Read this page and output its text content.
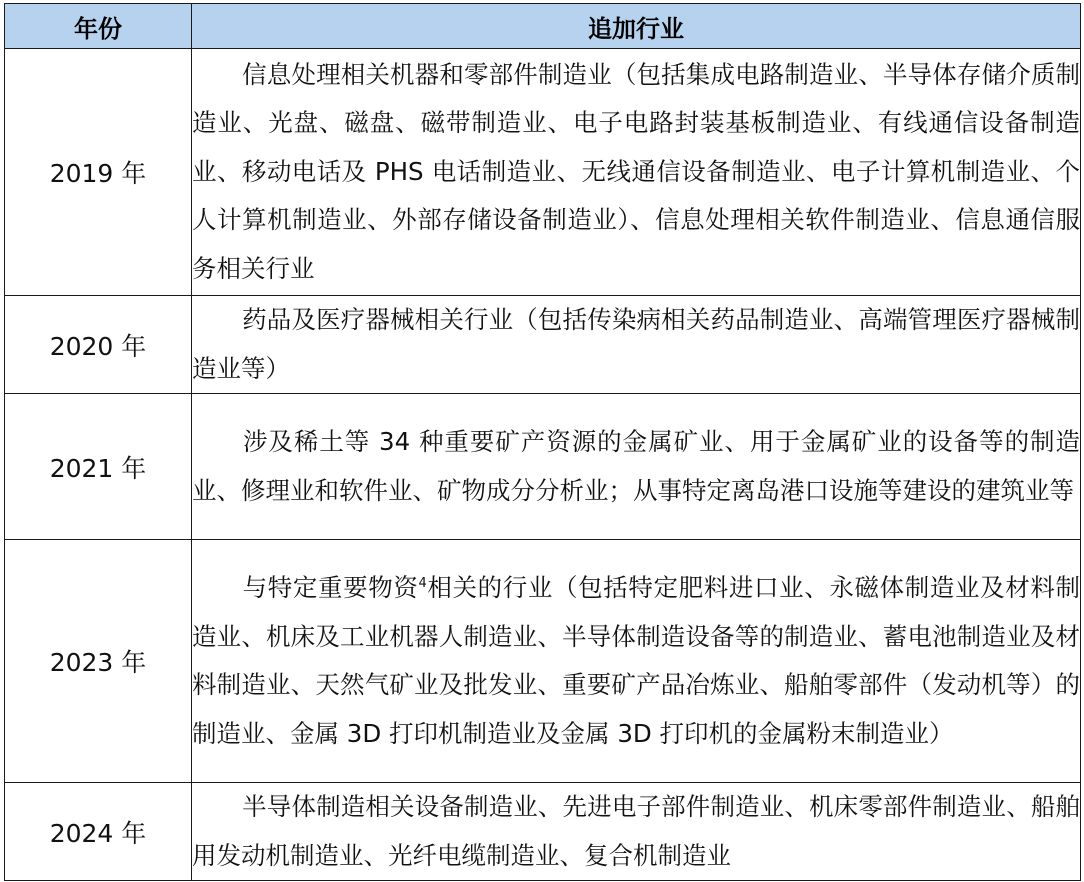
年份	追加行业
2019 年	信息处理相关机器和零部件制造业（包括集成电路制造业、半导体存储介质制造业、光盘、磁盘、磁带制造业、电子电路封装基板制造业、有线通信设备制造业、移动电话及 PHS 电话制造业、无线通信设备制造业、电子计算机制造业、个人计算机制造业、外部存储设备制造业）、信息处理相关软件制造业、信息通信服务相关行业
2020 年	药品及医疗器械相关行业（包括传染病相关药品制造业、高端管理医疗器械制造业等）
2021 年	涉及稀土等 34 种重要矿产资源的金属矿业、用于金属矿业的设备等的制造业、修理业和软件业、矿物成分分析业；从事特定离岛港口设施等建设的建筑业等
2023 年	与特定重要物资$^4$相关的行业（包括特定肥料进口业、永磁体制造业及材料制造业、机床及工业机器人制造业、半导体制造设备等的制造业、蓄电池制造业及材料制造业、天然气矿业及批发业、重要矿产品冶炼业、船舶零部件（发动机等）的制造业、金属 3D 打印机制造业及金属 3D 打印机的金属粉末制造业）
2024 年	半导体制造相关设备制造业、先进电子部件制造业、机床零部件制造业、船舶用发动机制造业、光纤电缆制造业、复合机制造业
